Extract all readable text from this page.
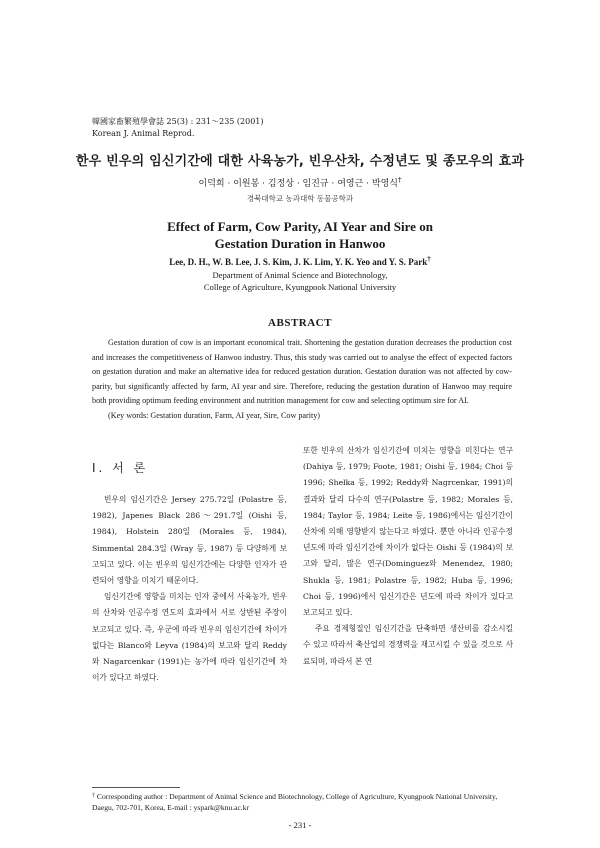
韓國家畜繁殖學會誌 25(3) : 231～235 (2001)
Korean J. Animal Reprod.
한우 빈우의 임신기간에 대한 사육농가, 빈우산차, 수정년도 및 종모우의 효과
이덕희 · 이원봉 · 김정상 · 임진규 · 여영근 · 박영식†
경북대학교 농과대학 동물공학과
Effect of Farm, Cow Parity, AI Year and Sire on
Gestation Duration in Hanwoo
Lee, D. H., W. B. Lee, J. S. Kim, J. K. Lim, Y. K. Yeo and Y. S. Park†
Department of Animal Science and Biotechnology,
College of Agriculture, Kyungpook National University
ABSTRACT

Gestation duration of cow is an important economical trait. Shortening the gestation duration decreases the production cost and increases the competitiveness of Hanwoo industry. Thus, this study was carried out to analyse the effect of expected factors on gestation duration and make an alternative idea for reduced gestation duration. Gestation duration was not affected by cow-parity, but significantly affected by farm, AI year and sire. Therefore, reducing the gestation duration of Hanwoo may require both providing optimum feeding environment and nutrition management for cow and selecting optimum sire for AI.

(Key words: Gestation duration, Farm, AI year, Sire, Cow parity)

Ⅰ. 서 론

빈우의 임신기간은 Jersey 275.72일 (Polastre 등, 1982), Japenes Black 286～291.7일 (Oishi 등, 1984), Holstein 280일 (Morales 등, 1984), Simmental 284.3일 (Wray 등, 1987) 등 다양하게 보고되고 있다. 이는 빈우의 임신기간에는 다양한 인자가 관련되어 영향을 미치기 때문이다.

임신기간에 영향을 미치는 인자 중에서 사육농가, 빈우의 산차와 인공수정 연도의 효과에서 서로 상반된 주장이 보고되고 있다. 즉, 우군에 따라 빈우의 임신기간에 차이가 없다는 Blanco와 Leyva (1984)의 보고와 달리 Reddy와 Nagarcenkar (1991)는 농가에 따라 임신기간에 차이가 있다고 하였다.

또한 빈우의 산차가 임신기간에 미치는 영향을 미친다는 연구(Dahiya 등, 1979; Foote, 1981; Oishi 등, 1984; Choi 등 1996; Shelka 등, 1992; Reddy와 Nagrcenkar, 1991)의 결과와 달리 다수의 연구(Polastre 등, 1982; Morales 등, 1984; Taylor 등, 1984; Leite 등, 1986)에서는 임신기간이 산차에 의해 영향받지 않는다고 하였다. 뿐만 아니라 인공수정 년도에 따라 임신기간에 차이가 없다는 Oishi 등 (1984)의 보고와 달리, 많은 연구(Dominguez와 Menendez, 1980; Shukla 등, 1981; Polastre 등, 1982; Huba 등, 1996; Choi 등, 1996)에서 임신기간은 년도에 따라 차이가 있다고 보고되고 있다.

주요 경제형질인 임신기간을 단축하면 생산비를 감소시킬 수 있고 따라서 축산업의 경쟁력을 재고시킬 수 있을 것으로 사료되며, 따라서 본 연

† Corresponding author : Department of Animal Science and Biotechnology, College of Agriculture, Kyungpook National University, Daegu, 702-701, Korea, E-mail : yspark@knu.ac.kr
- 231 -
